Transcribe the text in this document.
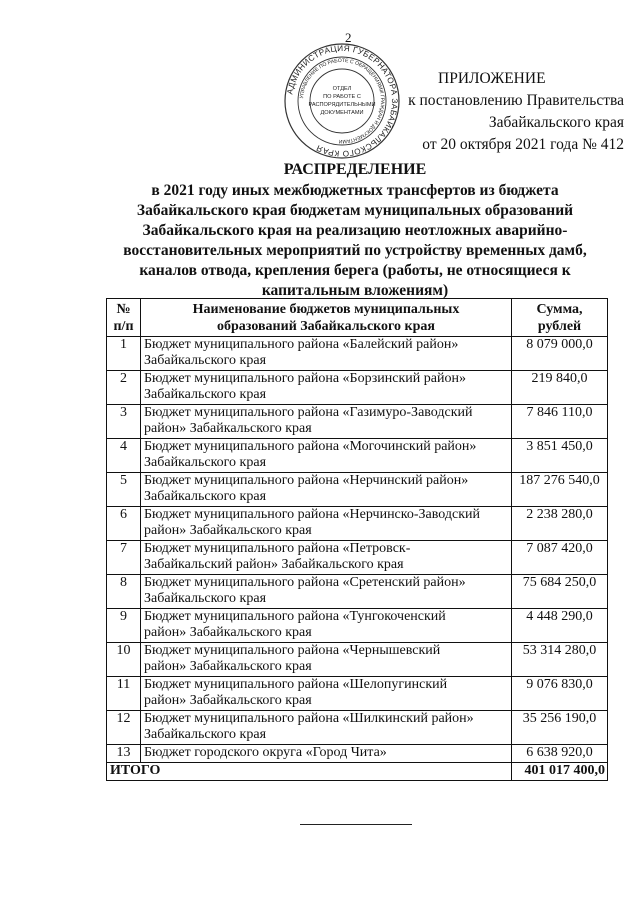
2
АДМИНИСТРАЦИЯ ГУБЕРНАТОРА ЗАБАЙКАЛЬСКОГО КРАЯ
УПРАВЛЕНИЕ ПО РАБОТЕ С ОБРАЩЕНИЯМИ ГРАЖДАН И ДОКУМЕНТАМИ
ОТДЕЛ
ПО РАБОТЕ С
РАСПОРЯДИТЕЛЬНЫМИ
ДОКУМЕНТАМИ
ПРИЛОЖЕНИЕ
к постановлению Правительства
Забайкальского края
от 20 октября 2021 года № 412
РАСПРЕДЕЛЕНИЕ
в 2021 году иных межбюджетных трансфертов из бюджета
Забайкальского края бюджетам муниципальных образований
Забайкальского края на реализацию неотложных аварийно-
восстановительных мероприятий по устройству временных дамб,
каналов отвода, крепления берега (работы, не относящиеся к
капитальным вложениям)
№
п/п	Наименование бюджетов муниципальных
образований Забайкальского края	Сумма,
рублей

1	Бюджет муниципального района «Балейский район»
Забайкальского края	8 079 000,0
2	Бюджет муниципального района «Борзинский район»
Забайкальского края	219 840,0
3	Бюджет муниципального района «Газимуро-Заводский
район» Забайкальского края	7 846 110,0
4	Бюджет муниципального района «Могочинский район»
Забайкальского края	3 851 450,0
5	Бюджет муниципального района «Нерчинский район»
Забайкальского края	187 276 540,0
6	Бюджет муниципального района «Нерчинско-Заводский
район» Забайкальского края	2 238 280,0
7	Бюджет муниципального района «Петровск-
Забайкальский район» Забайкальского края	7 087 420,0
8	Бюджет муниципального района «Сретенский район»
Забайкальского края	75 684 250,0
9	Бюджет муниципального района «Тунгокоченский
район» Забайкальского края	4 448 290,0
10	Бюджет муниципального района «Чернышевский
район» Забайкальского края	53 314 280,0
11	Бюджет муниципального района «Шелопугинский
район» Забайкальского края	9 076 830,0
12	Бюджет муниципального района «Шилкинский район»
Забайкальского края	35 256 190,0
13	Бюджет городского округа «Город Чита»	6 638 920,0
ИТОГО		401 017 400,0
